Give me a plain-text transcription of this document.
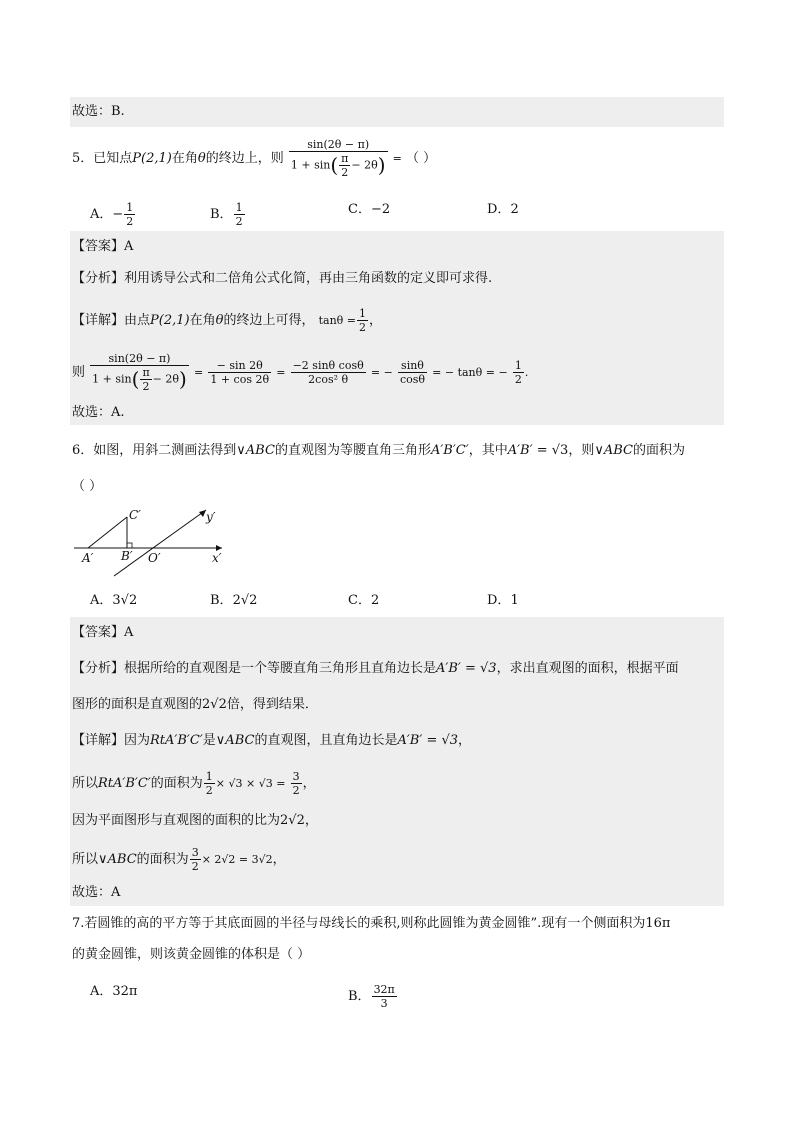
故选：B.
5．已知点P(2,1)在角θ的终边上，则 $\frac{\sin(2\theta - \pi)}{1 + \sin( \frac{\pi}{2} - 2\theta)}$ = （ ）
A．− $\frac{1}{2}$	B． $\frac{1}{2}$	C．−2	D．2
【答案】A
【分析】利用诱导公式和二倍角公式化简，再由三角函数的定义即可求得.
【详解】由点P(2,1)在角θ的终边上可得， $\tan\theta = \frac{1}{2}$ ，
则 $\frac{\sin(2\theta - \pi)}{1 + \sin( \frac{\pi}{2} - 2\theta)} = \frac{- \sin 2\theta}{1 + \cos 2\theta} = \frac{\text{−2 sinθ cosθ}}{\text{2cos² θ}}$ = − $\frac{\sin\theta}{\cos\theta}$ = − tanθ = − $\frac{1}{2}$ .
故选：A.
6．如图，用斜二测画法得到∨ABC的直观图为等腰直角三角形A′B′C′，其中A′B′ = √3，则∨ABC的面积为
（ ）
C′	y′
A′ B′ O′	x′
A．3√2	B．2√2	C．2	D．1
【答案】A
【分析】根据所给的直观图是一个等腰直角三角形且直角边长是A′B′ = √3，求出直观图的面积，根据平面
图形的面积是直观图的2√2倍，得到结果．
【详解】因为RtA′B′C′是∨ABC的直观图，且直角边长是A′B′ = √3，
所以RtA′B′C′的面积为 $\frac{1}{2} \times √3 \times √3 = \frac{3}{2}$ ，
因为平面图形与直观图的面积的比为2√2，
所以∨ABC的面积为 $\frac{3}{2} \times 2√2 = 3√2$，
故选：A
7.若圆锥的高的平方等于其底面圆的半径与母线长的乘积,则称此圆锥为黄金圆锥”.现有一个侧面积为16π
的黄金圆锥，则该黄金圆锥的体积是（ ）
A．32π	B． $\frac{32\pi}{3}$
